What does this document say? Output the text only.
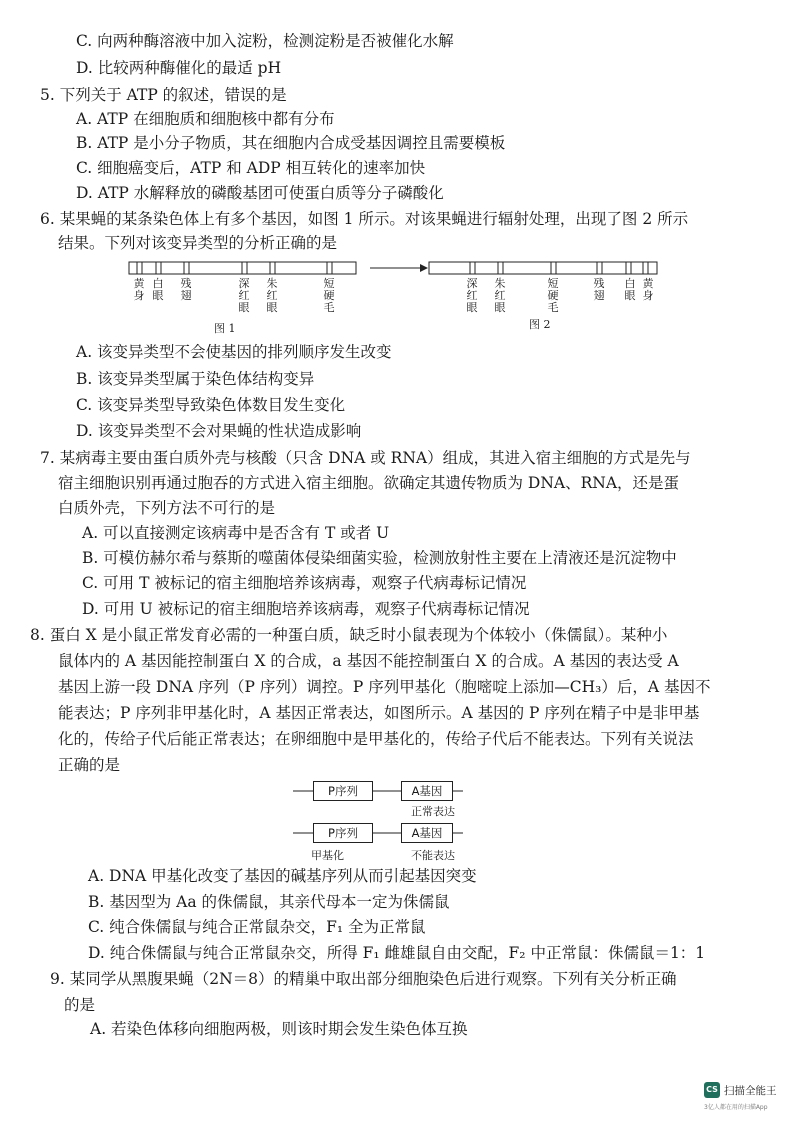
C. 向两种酶溶液中加入淀粉，检测淀粉是否被催化水解
D. 比较两种酶催化的最适 pH
5. 下列关于 ATP 的叙述，错误的是
A. ATP 在细胞质和细胞核中都有分布
B. ATP 是小分子物质，其在细胞内合成受基因调控且需要模板
C. 细胞癌变后，ATP 和 ADP 相互转化的速率加快
D. ATP 水解释放的磷酸基团可使蛋白质等分子磷酸化
6. 某果蝇的某条染色体上有多个基因，如图 1 所示。对该果蝇进行辐射处理，出现了图 2 所示
结果。下列对该变异类型的分析正确的是
黄
身
白
眼
残
翅
深
红
眼
朱
红
眼
短
硬
毛
图 1
深
红
眼
朱
红
眼
短
硬
毛
残
翅
白
眼
黄
身
图 2
A. 该变异类型不会使基因的排列顺序发生改变
B. 该变异类型属于染色体结构变异
C. 该变异类型导致染色体数目发生变化
D. 该变异类型不会对果蝇的性状造成影响
7. 某病毒主要由蛋白质外壳与核酸（只含 DNA 或 RNA）组成，其进入宿主细胞的方式是先与
宿主细胞识别再通过胞吞的方式进入宿主细胞。欲确定其遗传物质为 DNA、RNA，还是蛋
白质外壳，下列方法不可行的是
A. 可以直接测定该病毒中是否含有 T 或者 U
B. 可模仿赫尔希与蔡斯的噬菌体侵染细菌实验，检测放射性主要在上清液还是沉淀物中
C. 可用 T 被标记的宿主细胞培养该病毒，观察子代病毒标记情况
D. 可用 U 被标记的宿主细胞培养该病毒，观察子代病毒标记情况
8. 蛋白 X 是小鼠正常发育必需的一种蛋白质，缺乏时小鼠表现为个体较小（侏儒鼠）。某种小
鼠体内的 A 基因能控制蛋白 X 的合成，a 基因不能控制蛋白 X 的合成。A 基因的表达受 A
基因上游一段 DNA 序列（P 序列）调控。P 序列甲基化（胞嘧啶上添加—CH₃）后，A 基因不
能表达；P 序列非甲基化时，A 基因正常表达，如图所示。A 基因的 P 序列在精子中是非甲基
化的，传给子代后能正常表达；在卵细胞中是甲基化的，传给子代后不能表达。下列有关说法
正确的是
P序列	A基因
正常表达
P序列	A基因
甲基化	不能表达
A. DNA 甲基化改变了基因的碱基序列从而引起基因突变
B. 基因型为 Aa 的侏儒鼠，其亲代母本一定为侏儒鼠
C. 纯合侏儒鼠与纯合正常鼠杂交，F₁ 全为正常鼠
D. 纯合侏儒鼠与纯合正常鼠杂交，所得 F₁ 雌雄鼠自由交配，F₂ 中正常鼠：侏儒鼠＝1：1
9. 某同学从黑腹果蝇（2N＝8）的精巢中取出部分细胞染色后进行观察。下列有关分析正确
的是
A. 若染色体移向细胞两极，则该时期会发生染色体互换
CS 扫描全能王
3亿人都在用的扫描App
